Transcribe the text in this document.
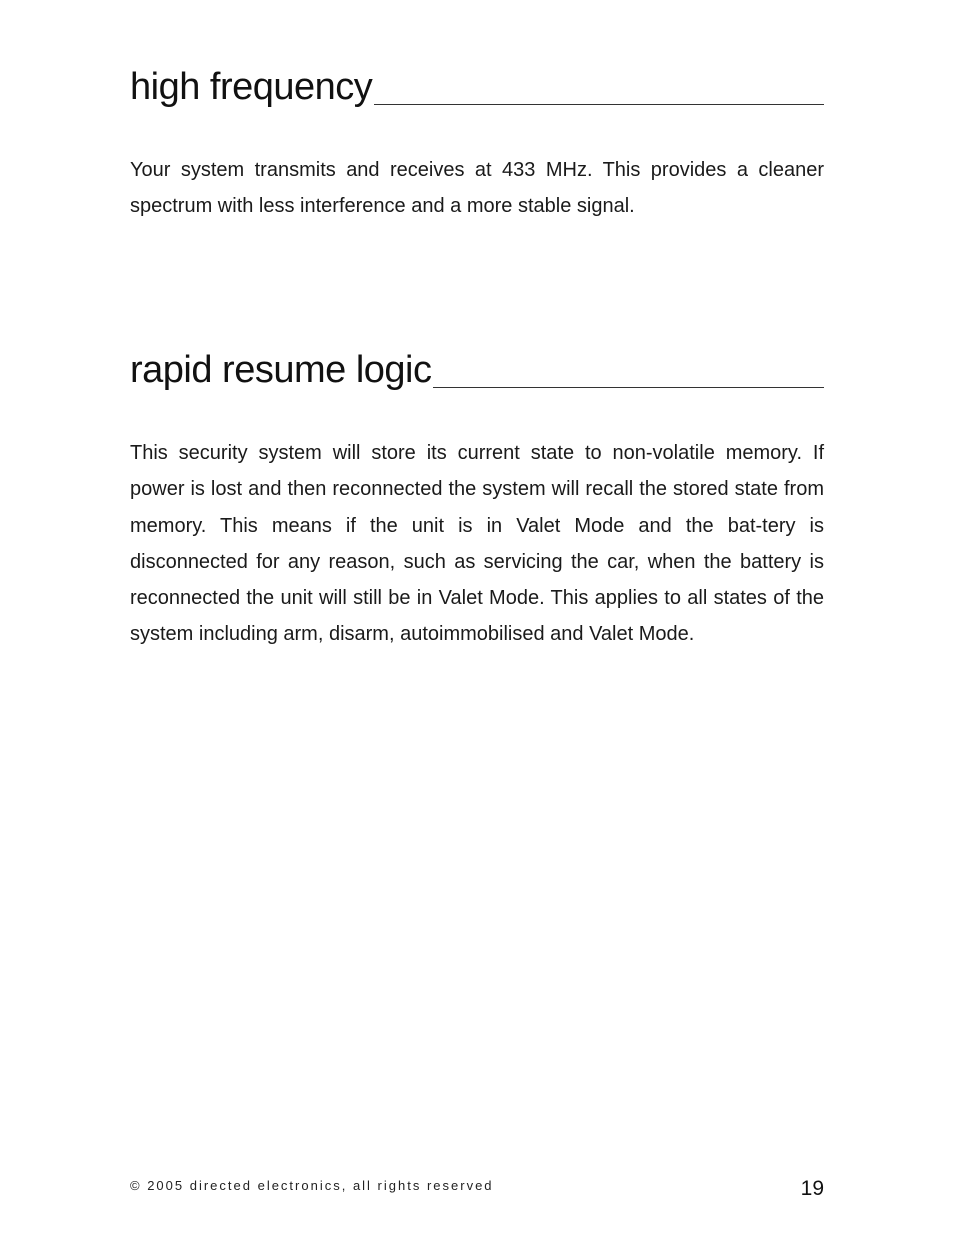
high frequency

Your system transmits and receives at 433 MHz. This provides a cleaner spectrum with less interference and a more stable signal.

rapid resume logic

This security system will store its current state to non-volatile memory. If power is lost and then reconnected the system will recall the stored state from memory. This means if the unit is in Valet Mode and the bat-tery is disconnected for any reason, such as servicing the car, when the battery is reconnected the unit will still be in Valet Mode. This applies to all states of the system including arm, disarm, autoimmobilised and Valet Mode.

© 2005 directed electronics, all rights reserved	19
